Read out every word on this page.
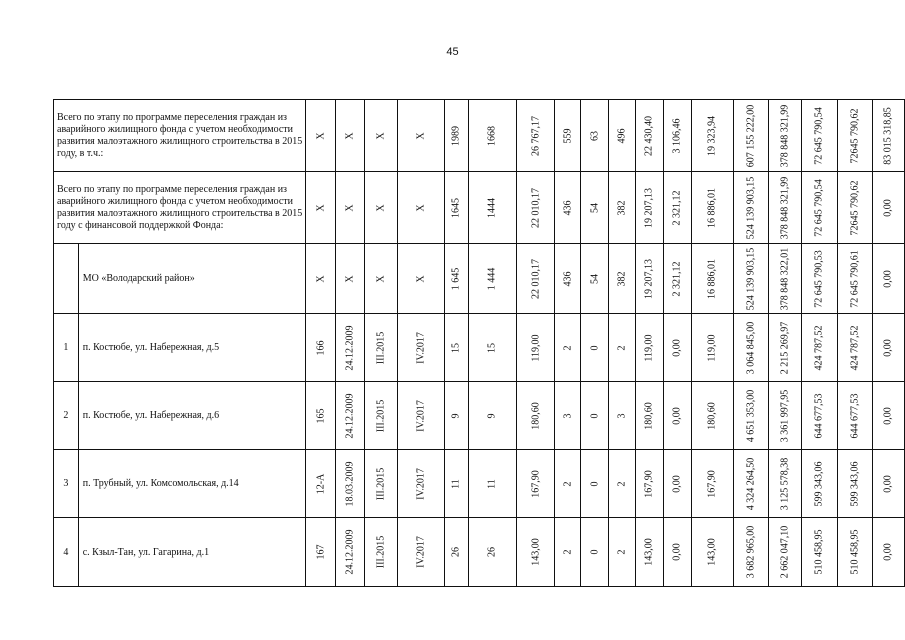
45
Всего по этапу по программе переселения граждан из аварийного жилищного фонда с учетом необходимости развития малоэтажного жилищного строительства в 2015 году, в т.ч.:		X	X	X	X	1989	1668	26 767,17	559	63	496	22 430,40	3 106,46	19 323,94	607 155 222,00	378 848 321,99	72 645 790,54	72645 790,62	83 015 318,85

Всего по этапу по программе переселения граждан из аварийного жилищного фонда с учетом необходимости развития малоэтажного жилищного строительства в 2015 году с финансовой поддержкой Фонда:		X	X	X	X	1645	1444	22 010,17	436	54	382	19 207,13	2 321,12	16 886,01	524 139 903,15	378 848 321,99	72 645 790,54	72645 790,62	0,00

	МО «Володарский район»	X	X	X	X	1 645	1 444	22 010,17	436	54	382	19 207,13	2 321,12	16 886,01	524 139 903,15	378 848 322,01	72 645 790,53	72 645 790,61	0,00

1	п. Костюбе, ул. Набережная, д.5	166	24.12.2009	III.2015	IV.2017	15	15	119,00	2	0	2	119,00	0,00	119,00	3 064 845,00	2 215 269,97	424 787,52	424 787,52	0,00

2	п. Костюбе, ул. Набережная, д.6	165	24.12.2009	III.2015	IV.2017	9	9	180,60	3	0	3	180,60	0,00	180,60	4 651 353,00	3 361 997,95	644 677,53	644 677,53	0,00

3	п. Трубный, ул. Комсомольская, д.14	12-А	18.03.2009	III.2015	IV.2017	11	11	167,90	2	0	2	167,90	0,00	167,90	4 324 264,50	3 125 578,38	599 343,06	599 343,06	0,00

4	с. Кзыл-Тан, ул. Гагарина, д.1	167	24.12.2009	III.2015	IV.2017	26	26	143,00	2	0	2	143,00	0,00	143,00	3 682 965,00	2 662 047,10	510 458,95	510 458,95	0,00
